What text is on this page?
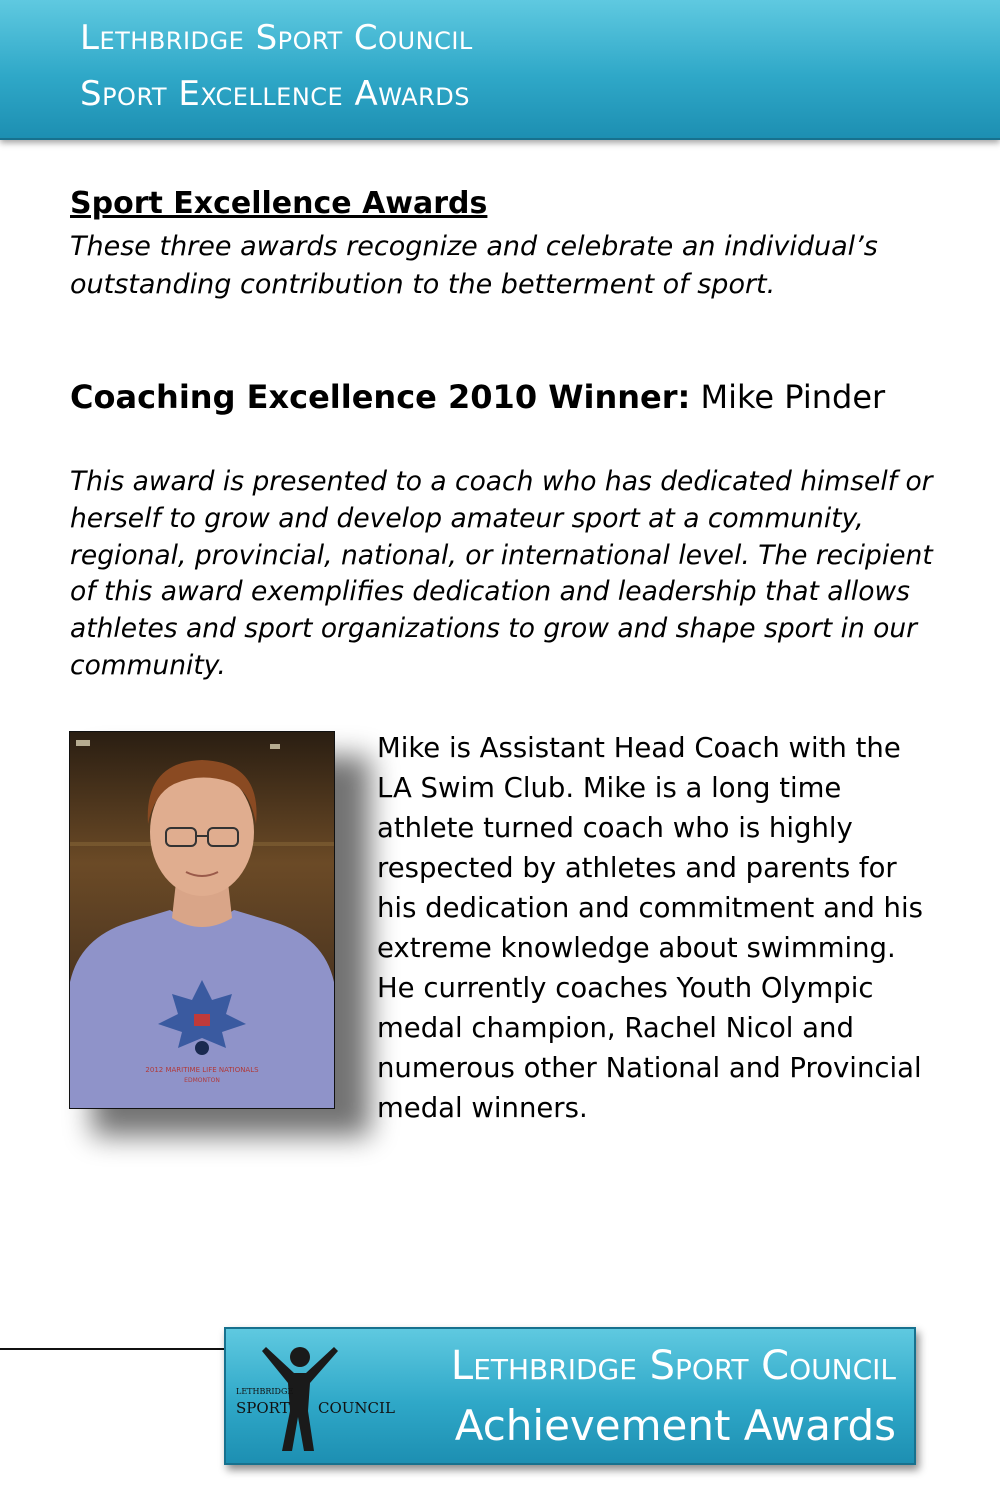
Lethbridge Sport Council
Sport Excellence Awards
Sport Excellence Awards
These three awards recognize and celebrate an individual’s outstanding contribution to the betterment of sport.
Coaching Excellence 2010 Winner: Mike Pinder
This award is presented to a coach who has dedicated himself or herself to grow and develop amateur sport at a community, regional, provincial, national, or international level. The recipient of this award exemplifies dedication and leadership that allows athletes and sport organizations to grow and shape sport in our community.
2012 MARITIME LIFE NATIONALS
EDMONTON
Mike is Assistant Head Coach with the LA Swim Club. Mike is a long time athlete turned coach who is highly respected by athletes and parents for his dedication and commitment and his extreme knowledge about swimming. He currently coaches Youth Olympic medal champion, Rachel Nicol and numerous other National and Provincial medal winners.
LETHBRIDGE
SPORT COUNCIL
Lethbridge Sport Council
Achievement Awards
